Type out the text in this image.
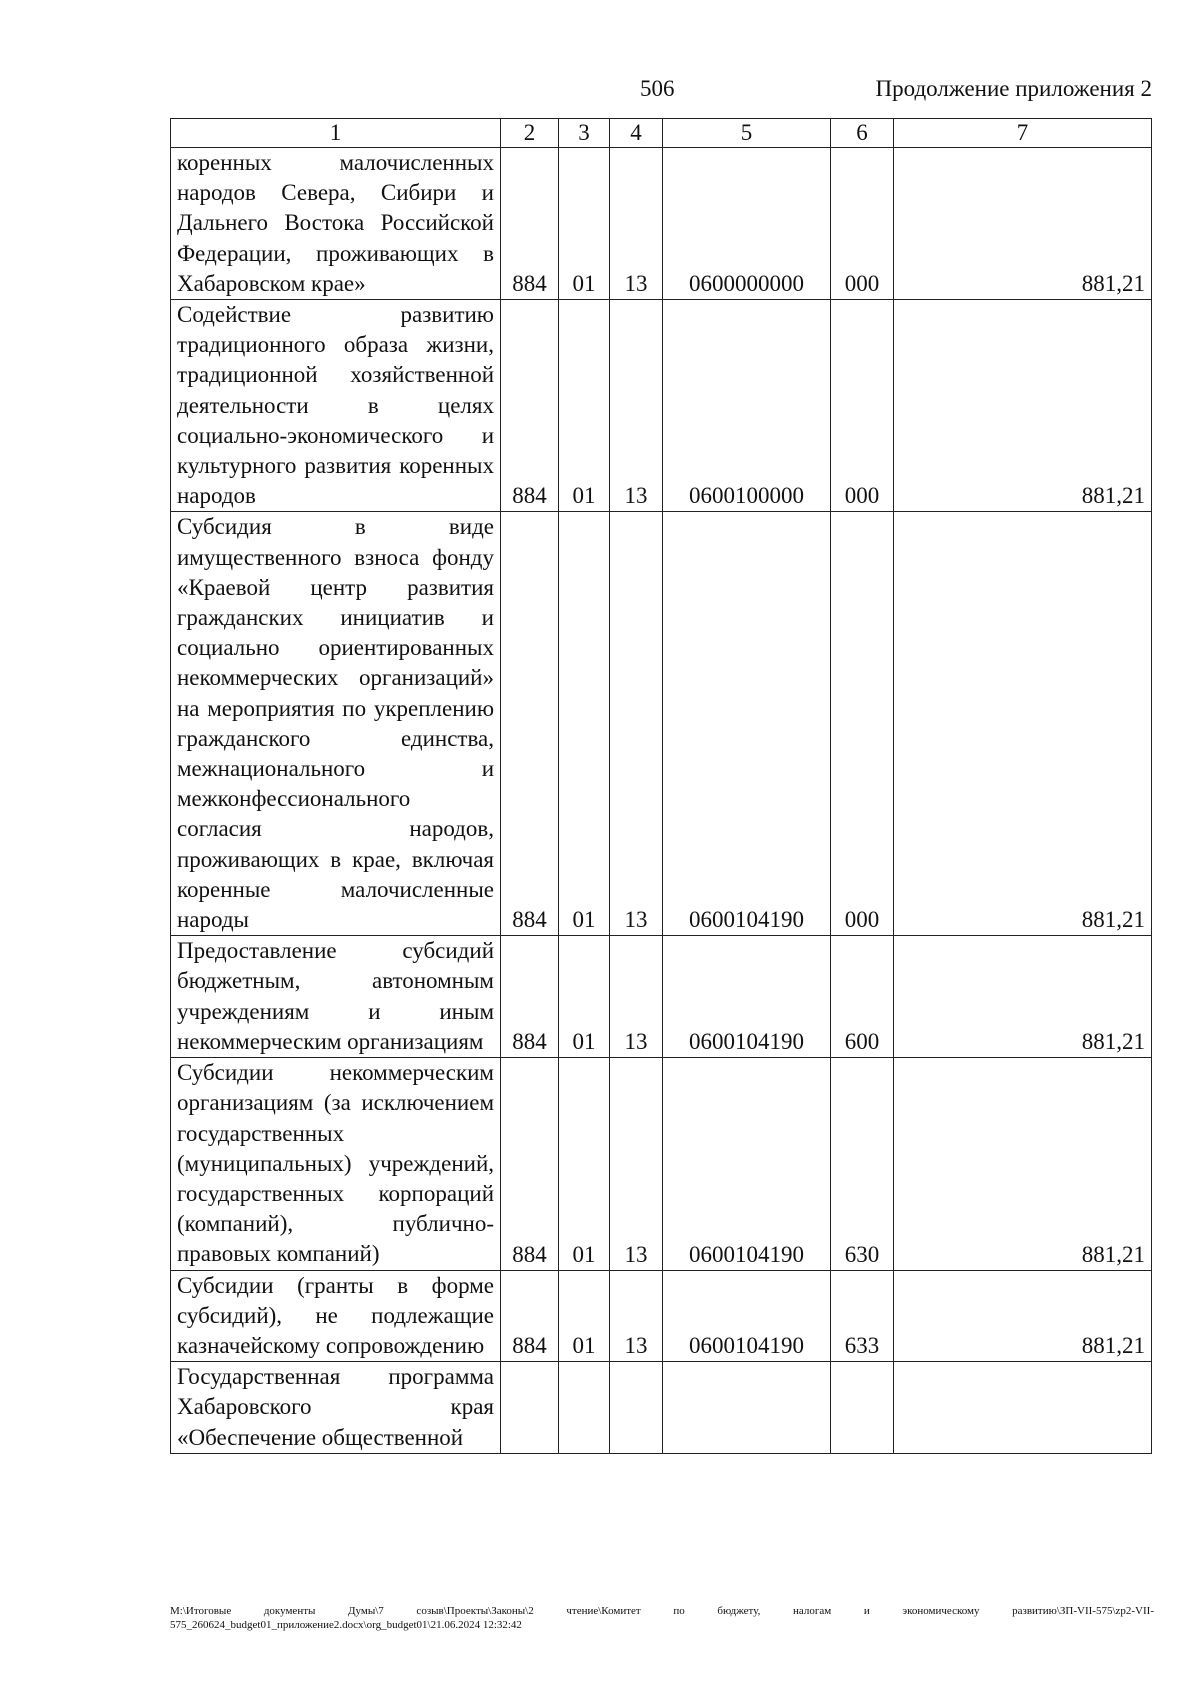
506	Продолжение приложения 2
1	2	3	4	5	6	7
коренных малочисленных народов Севера, Сибири и Дальнего Востока Российской Федерации, проживающих в Хабаровском крае»	884	01	13	0600000000	000	881,21
Содействие развитию традиционного образа жизни, традиционной хозяйственной деятельности в целях социально-экономического и культурного развития коренных народов	884	01	13	0600100000	000	881,21
Субсидия в виде имущественного взноса фонду «Краевой центр развития гражданских инициатив и социально ориентированных некоммерческих организаций» на мероприятия по укреплению гражданского единства, межнационального и межконфессионального согласия народов, проживающих в крае, включая коренные малочисленные народы	884	01	13	0600104190	000	881,21
Предоставление субсидий бюджетным, автономным учреждениям и иным некоммерческим организациям	884	01	13	0600104190	600	881,21
Субсидии некоммерческим организациям (за исключением государственных (муниципальных) учреждений, государственных корпораций (компаний), публично-правовых компаний)	884	01	13	0600104190	630	881,21
Субсидии (гранты в форме субсидий), не подлежащие казначейскому сопровождению	884	01	13	0600104190	633	881,21
Государственная программа Хабаровского края «Обеспечение общественной						
M:\Итоговые документы Думы\7 созыв\Проекты\Законы\2 чтение\Комитет по бюджету, налогам и экономическому развитию\ЗП-VII-575\zp2-VII-575_260624_budget01_приложение2.docx\org_budget01\21.06.2024 12:32:42
